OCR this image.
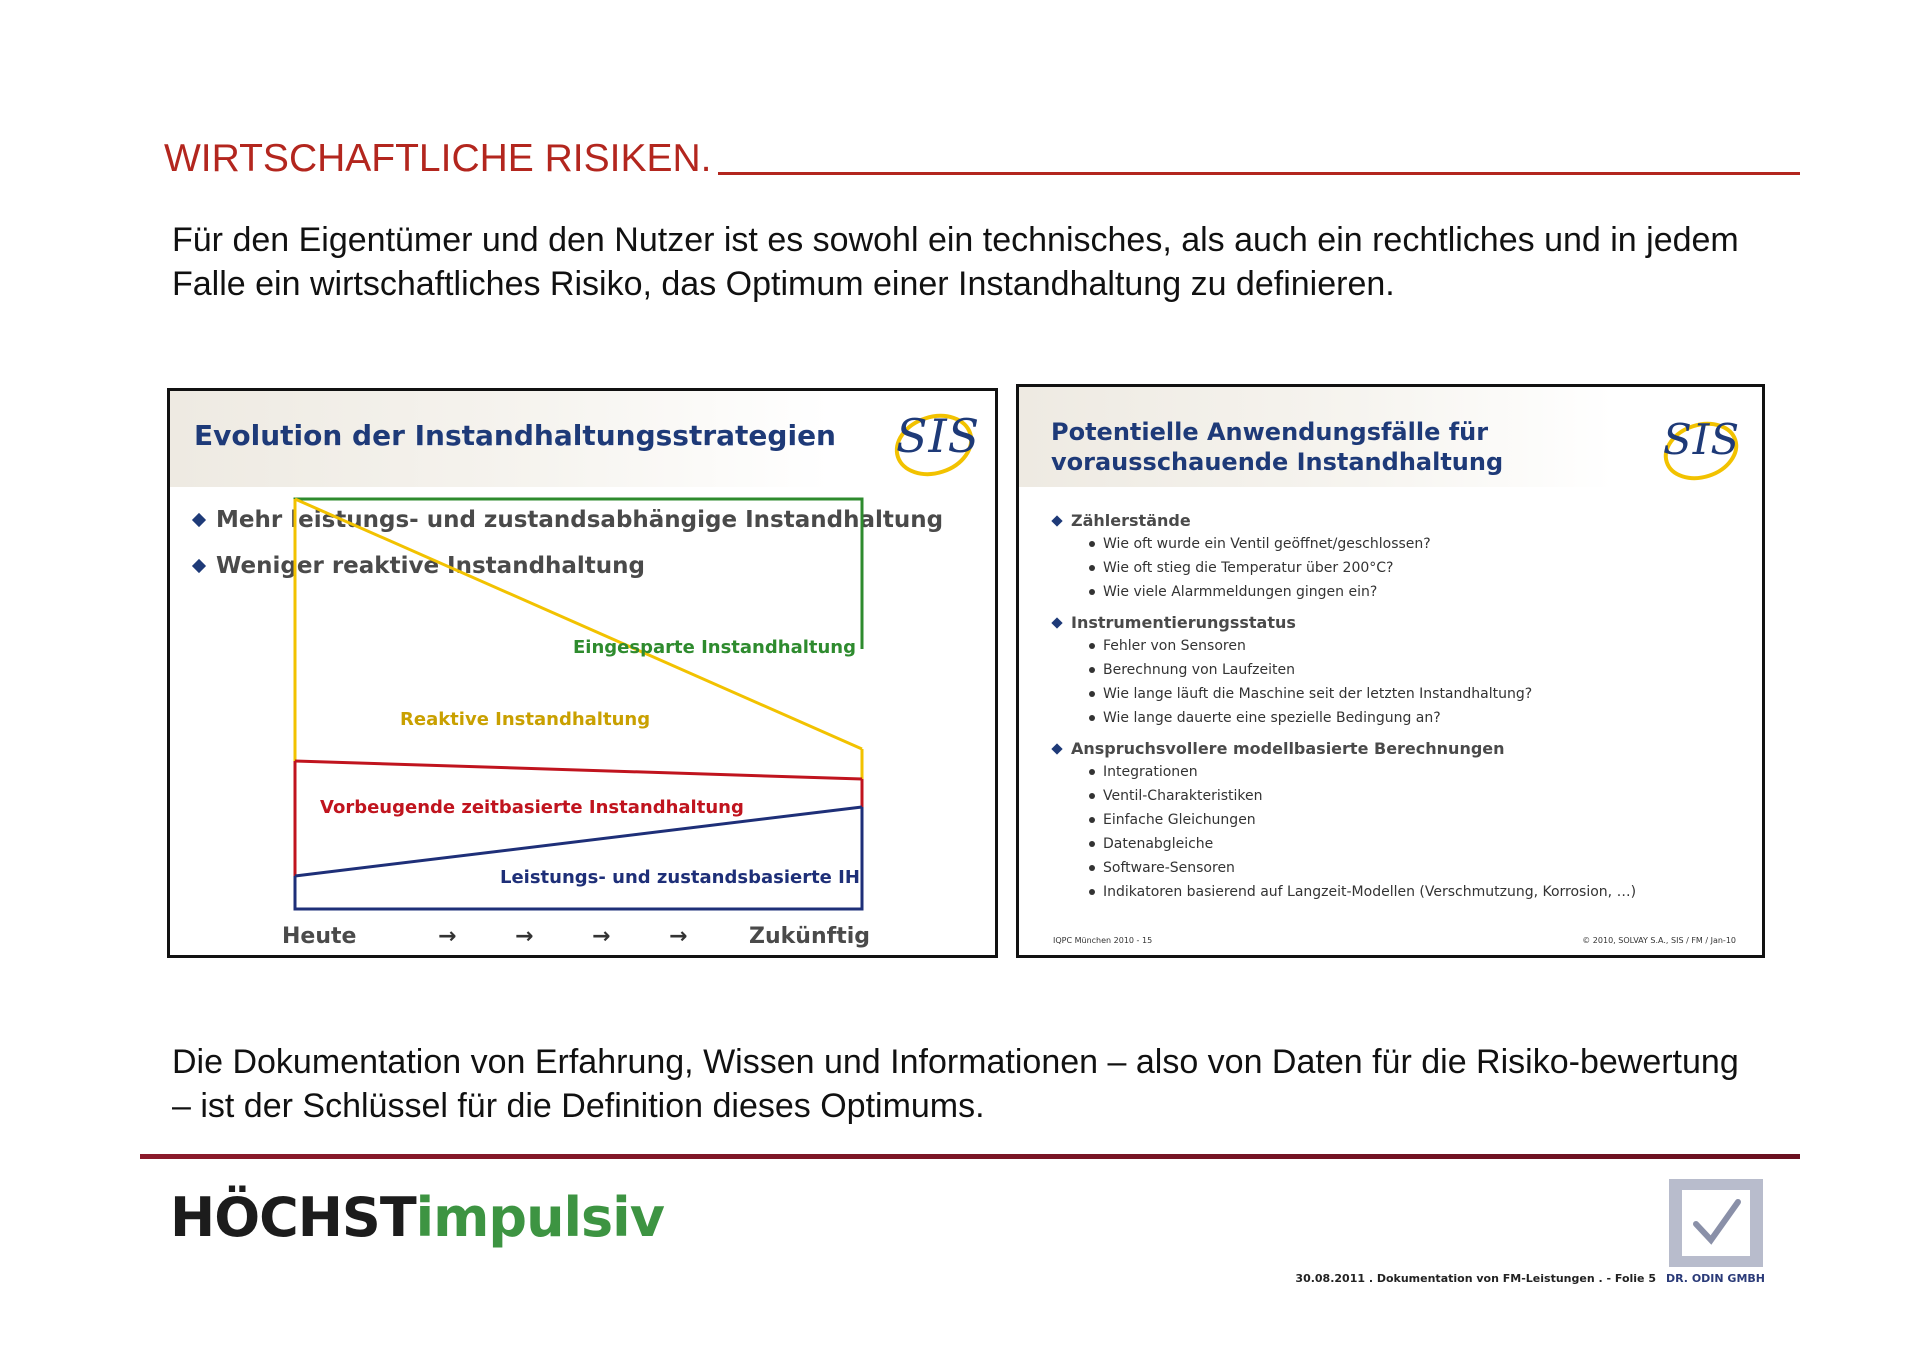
WIRTSCHAFTLICHE RISIKEN.

Für den Eigentümer und den Nutzer ist es sowohl ein technisches, als auch ein rechtliches und in jedem Falle ein wirtschaftliches Risiko, das Optimum einer Instandhaltung zu definieren.

Evolution der Instandhaltungsstrategien SIS
Mehr leistungs- und zustandsabhängige Instandhaltung
Weniger reaktive Instandhaltung
Eingesparte Instandhaltung
Reaktive Instandhaltung
Vorbeugende zeitbasierte Instandhaltung
Leistungs- und zustandsbasierte IH
Heute	→	→	→	→	Zukünftig
Potentielle Anwendungsfälle für
vorausschauende Instandhaltung	SIS
Zählerstände
Wie oft wurde ein Ventil geöffnet/geschlossen?
Wie oft stieg die Temperatur über 200°C?
Wie viele Alarmmeldungen gingen ein?
Instrumentierungsstatus
Fehler von Sensoren
Berechnung von Laufzeiten
Wie lange läuft die Maschine seit der letzten Instandhaltung?
Wie lange dauerte eine spezielle Bedingung an?
Anspruchsvollere modellbasierte Berechnungen
Integrationen
Ventil-Charakteristiken
Einfache Gleichungen
Datenabgleiche
Software-Sensoren
Indikatoren basierend auf Langzeit-Modellen (Verschmutzung, Korrosion, …)
IQPC München 2010 - 15	© 2010, SOLVAY S.A., SIS / FM / Jan-10

Die Dokumentation von Erfahrung, Wissen und Informationen – also von Daten für die Risiko-bewertung – ist der Schlüssel für die Definition dieses Optimums.

HÖCHSTimpulsiv
30.08.2011 . Dokumentation von FM-Leistungen . - Folie 5 DR. ODIN GMBH
